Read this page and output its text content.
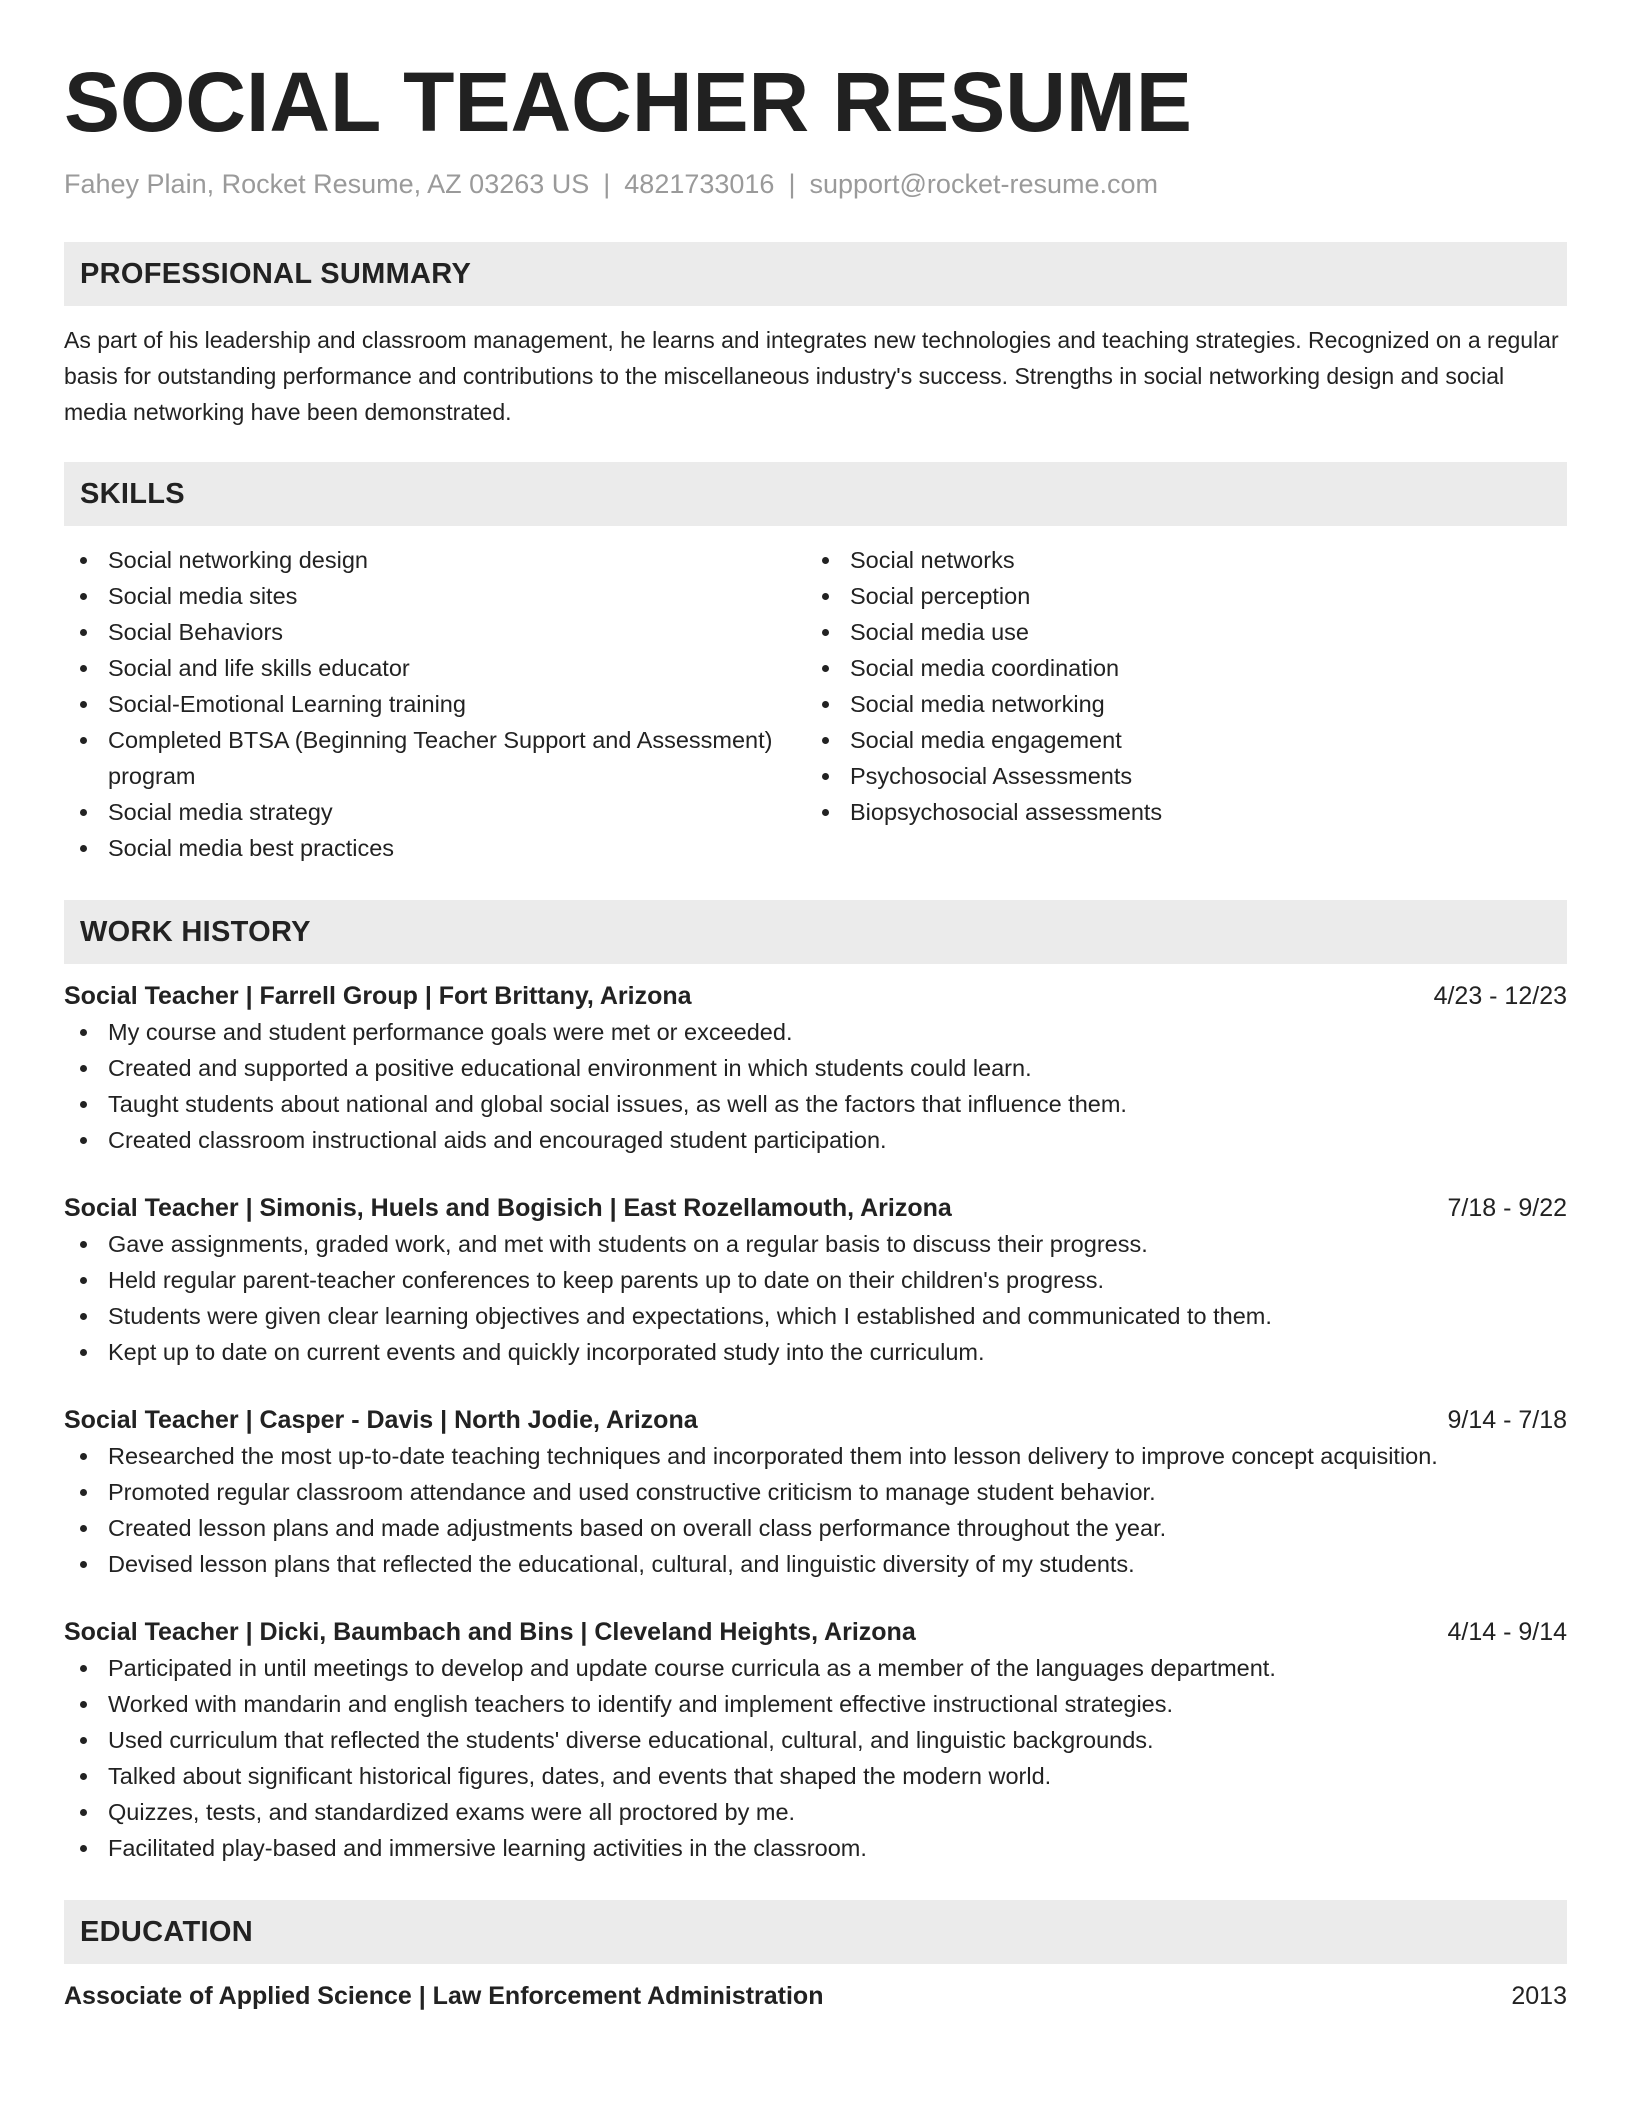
SOCIAL TEACHER RESUME
Fahey Plain, Rocket Resume, AZ 03263 US | 4821733016 | support@rocket-resume.com
PROFESSIONAL SUMMARY

As part of his leadership and classroom management, he learns and integrates new technologies and teaching strategies. Recognized on a regular basis for outstanding performance and contributions to the miscellaneous industry's success. Strengths in social networking design and social media networking have been demonstrated.

SKILLS
Social networking design
Social media sites
Social Behaviors
Social and life skills educator
Social-Emotional Learning training
Completed BTSA (Beginning Teacher Support and Assessment) program
Social media strategy
Social media best practices
Social networks
Social perception
Social media use
Social media coordination
Social media networking
Social media engagement
Psychosocial Assessments
Biopsychosocial assessments
WORK HISTORY
Social Teacher | Farrell Group | Fort Brittany, Arizona	4/23 - 12/23
My course and student performance goals were met or exceeded.
Created and supported a positive educational environment in which students could learn.
Taught students about national and global social issues, as well as the factors that influence them.
Created classroom instructional aids and encouraged student participation.
Social Teacher | Simonis, Huels and Bogisich | East Rozellamouth, Arizona	7/18 - 9/22
Gave assignments, graded work, and met with students on a regular basis to discuss their progress.
Held regular parent-teacher conferences to keep parents up to date on their children's progress.
Students were given clear learning objectives and expectations, which I established and communicated to them.
Kept up to date on current events and quickly incorporated study into the curriculum.
Social Teacher | Casper - Davis | North Jodie, Arizona	9/14 - 7/18
Researched the most up-to-date teaching techniques and incorporated them into lesson delivery to improve concept acquisition.
Promoted regular classroom attendance and used constructive criticism to manage student behavior.
Created lesson plans and made adjustments based on overall class performance throughout the year.
Devised lesson plans that reflected the educational, cultural, and linguistic diversity of my students.
Social Teacher | Dicki, Baumbach and Bins | Cleveland Heights, Arizona	4/14 - 9/14
Participated in until meetings to develop and update course curricula as a member of the languages department.
Worked with mandarin and english teachers to identify and implement effective instructional strategies.
Used curriculum that reflected the students' diverse educational, cultural, and linguistic backgrounds.
Talked about significant historical figures, dates, and events that shaped the modern world.
Quizzes, tests, and standardized exams were all proctored by me.
Facilitated play-based and immersive learning activities in the classroom.
EDUCATION
Associate of Applied Science | Law Enforcement Administration	2013
